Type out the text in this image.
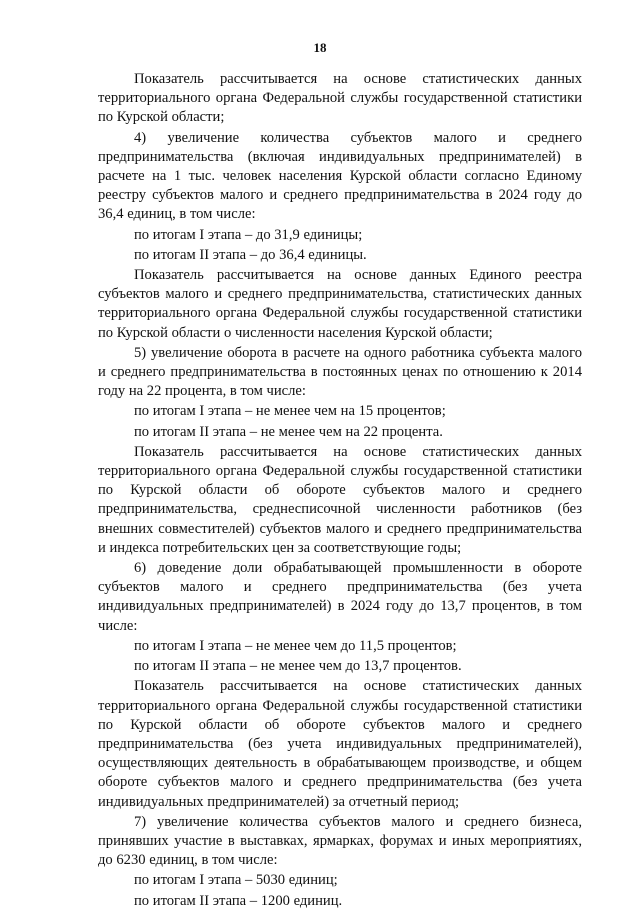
18

Показатель рассчитывается на основе статистических данных территориального органа Федеральной службы государственной статистики по Курской области;

4) увеличение количества субъектов малого и среднего предпринимательства (включая индивидуальных предпринимателей) в расчете на 1 тыс. человек населения Курской области согласно Единому реестру субъектов малого и среднего предпринимательства в 2024 году до 36,4 единиц, в том числе:

по итогам I этапа – до 31,9 единицы;

по итогам II этапа – до 36,4 единицы.

Показатель рассчитывается на основе данных Единого реестра субъектов малого и среднего предпринимательства, статистических данных территориального органа Федеральной службы государственной статистики по Курской области о численности населения Курской области;

5) увеличение оборота в расчете на одного работника субъекта малого и среднего предпринимательства в постоянных ценах по отношению к 2014 году на 22 процента, в том числе:

по итогам I этапа – не менее чем на 15 процентов;

по итогам II этапа – не менее чем на 22 процента.

Показатель рассчитывается на основе статистических данных территориального органа Федеральной службы государственной статистики по Курской области об обороте субъектов малого и среднего предпринимательства, среднесписочной численности работников (без внешних совместителей) субъектов малого и среднего предпринимательства и индекса потребительских цен за соответствующие годы;

6) доведение доли обрабатывающей промышленности в обороте субъектов малого и среднего предпринимательства (без учета индивидуальных предпринимателей) в 2024 году до 13,7 процентов, в том числе:

по итогам I этапа – не менее чем до 11,5 процентов;

по итогам II этапа – не менее чем до 13,7 процентов.

Показатель рассчитывается на основе статистических данных территориального органа Федеральной службы государственной статистики по Курской области об обороте субъектов малого и среднего предпринимательства (без учета индивидуальных предпринимателей), осуществляющих деятельность в обрабатывающем производстве, и общем обороте субъектов малого и среднего предпринимательства (без учета индивидуальных предпринимателей) за отчетный период;

7) увеличение количества субъектов малого и среднего бизнеса, принявших участие в выставках, ярмарках, форумах и иных мероприятиях, до 6230 единиц, в том числе:

по итогам I этапа – 5030 единиц;

по итогам II этапа – 1200 единиц.
